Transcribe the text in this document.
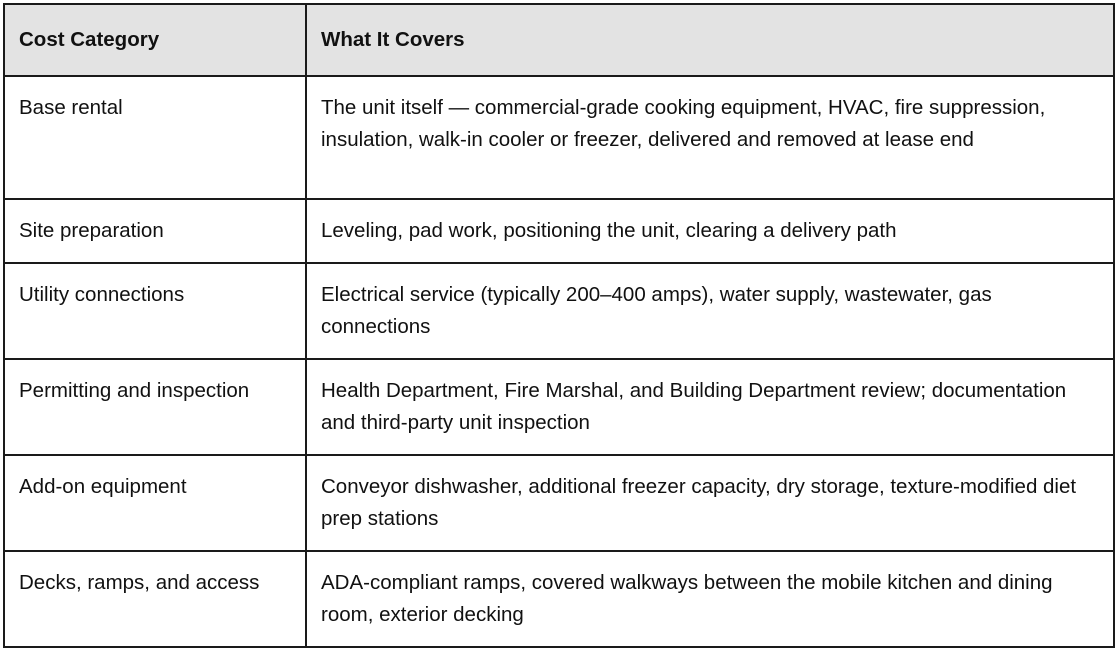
Cost Category	What It Covers
Base rental	The unit itself — commercial-grade cooking equipment, HVAC, fire suppression, insulation, walk-in cooler or freezer, delivered and removed at lease end
Site preparation	Leveling, pad work, positioning the unit, clearing a delivery path
Utility connections	Electrical service (typically 200–400 amps), water supply, wastewater, gas connections
Permitting and inspection	Health Department, Fire Marshal, and Building Department review; documentation and third-party unit inspection
Add-on equipment	Conveyor dishwasher, additional freezer capacity, dry storage, texture-modified diet prep stations
Decks, ramps, and access	ADA-compliant ramps, covered walkways between the mobile kitchen and dining room, exterior decking
